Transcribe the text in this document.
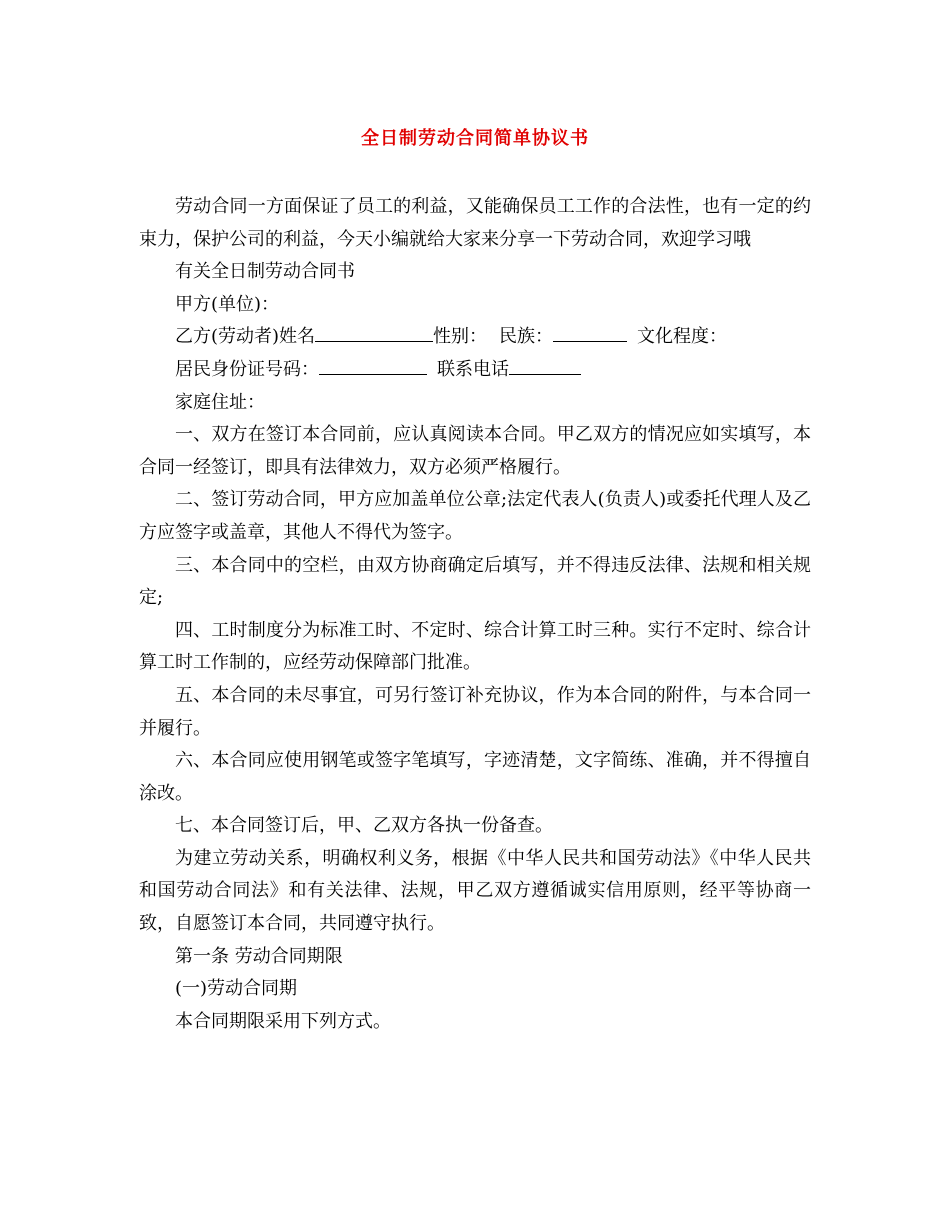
全日制劳动合同简单协议书

劳动合同一方面保证了员工的利益，又能确保员工工作的合法性，也有一定的约束力，保护公司的利益，今天小编就给大家来分享一下劳动合同，欢迎学习哦

有关全日制劳动合同书

甲方(单位)：

乙方(劳动者)姓名	性别： 民族：	文化程度：

居民身份证号码：	联系电话

家庭住址：

一、双方在签订本合同前，应认真阅读本合同。甲乙双方的情况应如实填写，本合同一经签订，即具有法律效力，双方必须严格履行。

二、签订劳动合同，甲方应加盖单位公章;法定代表人(负责人)或委托代理人及乙方应签字或盖章，其他人不得代为签字。

三、本合同中的空栏，由双方协商确定后填写，并不得违反法律、法规和相关规定;

四、工时制度分为标准工时、不定时、综合计算工时三种。实行不定时、综合计算工时工作制的，应经劳动保障部门批准。

五、本合同的未尽事宜，可另行签订补充协议，作为本合同的附件，与本合同一并履行。

六、本合同应使用钢笔或签字笔填写，字迹清楚，文字简练、准确，并不得擅自涂改。

七、本合同签订后，甲、乙双方各执一份备查。

为建立劳动关系，明确权利义务，根据《中华人民共和国劳动法》《中华人民共和国劳动合同法》和有关法律、法规，甲乙双方遵循诚实信用原则，经平等协商一致，自愿签订本合同，共同遵守执行。

第一条 劳动合同期限

(一)劳动合同期

本合同期限采用下列方式。
